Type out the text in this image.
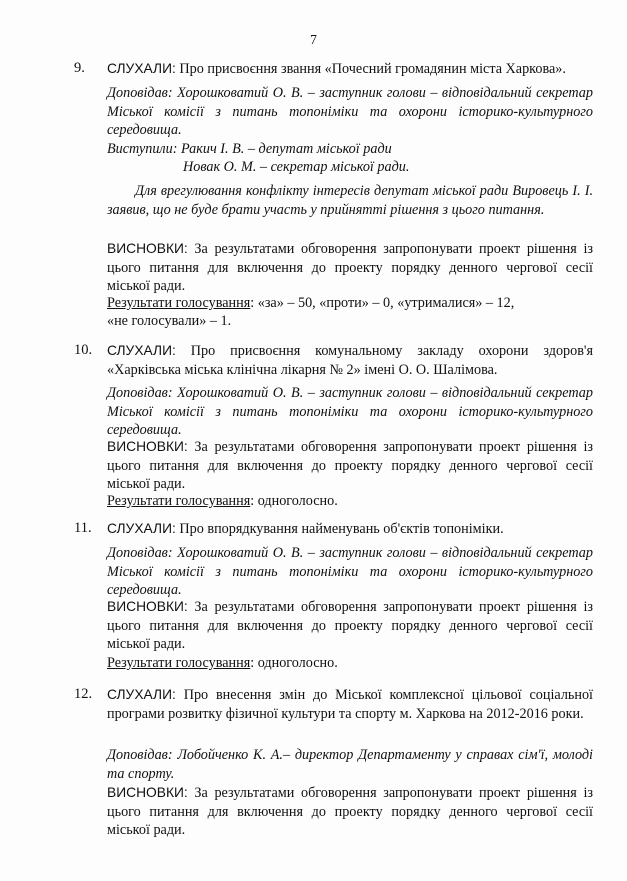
7
9. СЛУХАЛИ: Про присвоєння звання «Почесний громадянин міста Харкова».

Доповідав: Хорошковатий О. В. – заступник голови – відповідальний секретар Міської комісії з питань топоніміки та охорони історико-культурного середовища.

Виступили: Ракич І. В. – депутат міської ради

Новак О. М. – секретар міської ради.

Для врегулювання конфлікту інтересів депутат міської ради Вировець І. І. заявив, що не буде брати участь у прийнятті рішення з цього питання.

ВИСНОВКИ: За результатами обговорення запропонувати проект рішення із цього питання для включення до проекту порядку денного чергової сесії міської ради.

Результати голосування: «за» – 50, «проти» – 0, «утрималися» – 12,

«не голосували» – 1.

10. СЛУХАЛИ: Про присвоєння комунальному закладу охорони здоров'я «Харківська міська клінічна лікарня № 2» імені О. О. Шалімова.

Доповідав: Хорошковатий О. В. – заступник голови – відповідальний секретар Міської комісії з питань топоніміки та охорони історико-культурного середовища.

ВИСНОВКИ: За результатами обговорення запропонувати проект рішення із цього питання для включення до проекту порядку денного чергової сесії міської ради.

Результати голосування: одноголосно.

11. СЛУХАЛИ: Про впорядкування найменувань об'єктів топоніміки.

Доповідав: Хорошковатий О. В. – заступник голови – відповідальний секретар Міської комісії з питань топоніміки та охорони історико-культурного середовища.

ВИСНОВКИ: За результатами обговорення запропонувати проект рішення із цього питання для включення до проекту порядку денного чергової сесії міської ради.

Результати голосування: одноголосно.

12. СЛУХАЛИ: Про внесення змін до Міської комплексної цільової соціальної програми розвитку фізичної культури та спорту м. Харкова на 2012-2016 роки.

Доповідав: Лобойченко К. А.– директор Департаменту у справах сім'ї, молоді та спорту.

ВИСНОВКИ: За результатами обговорення запропонувати проект рішення із цього питання для включення до проекту порядку денного чергової сесії міської ради.
